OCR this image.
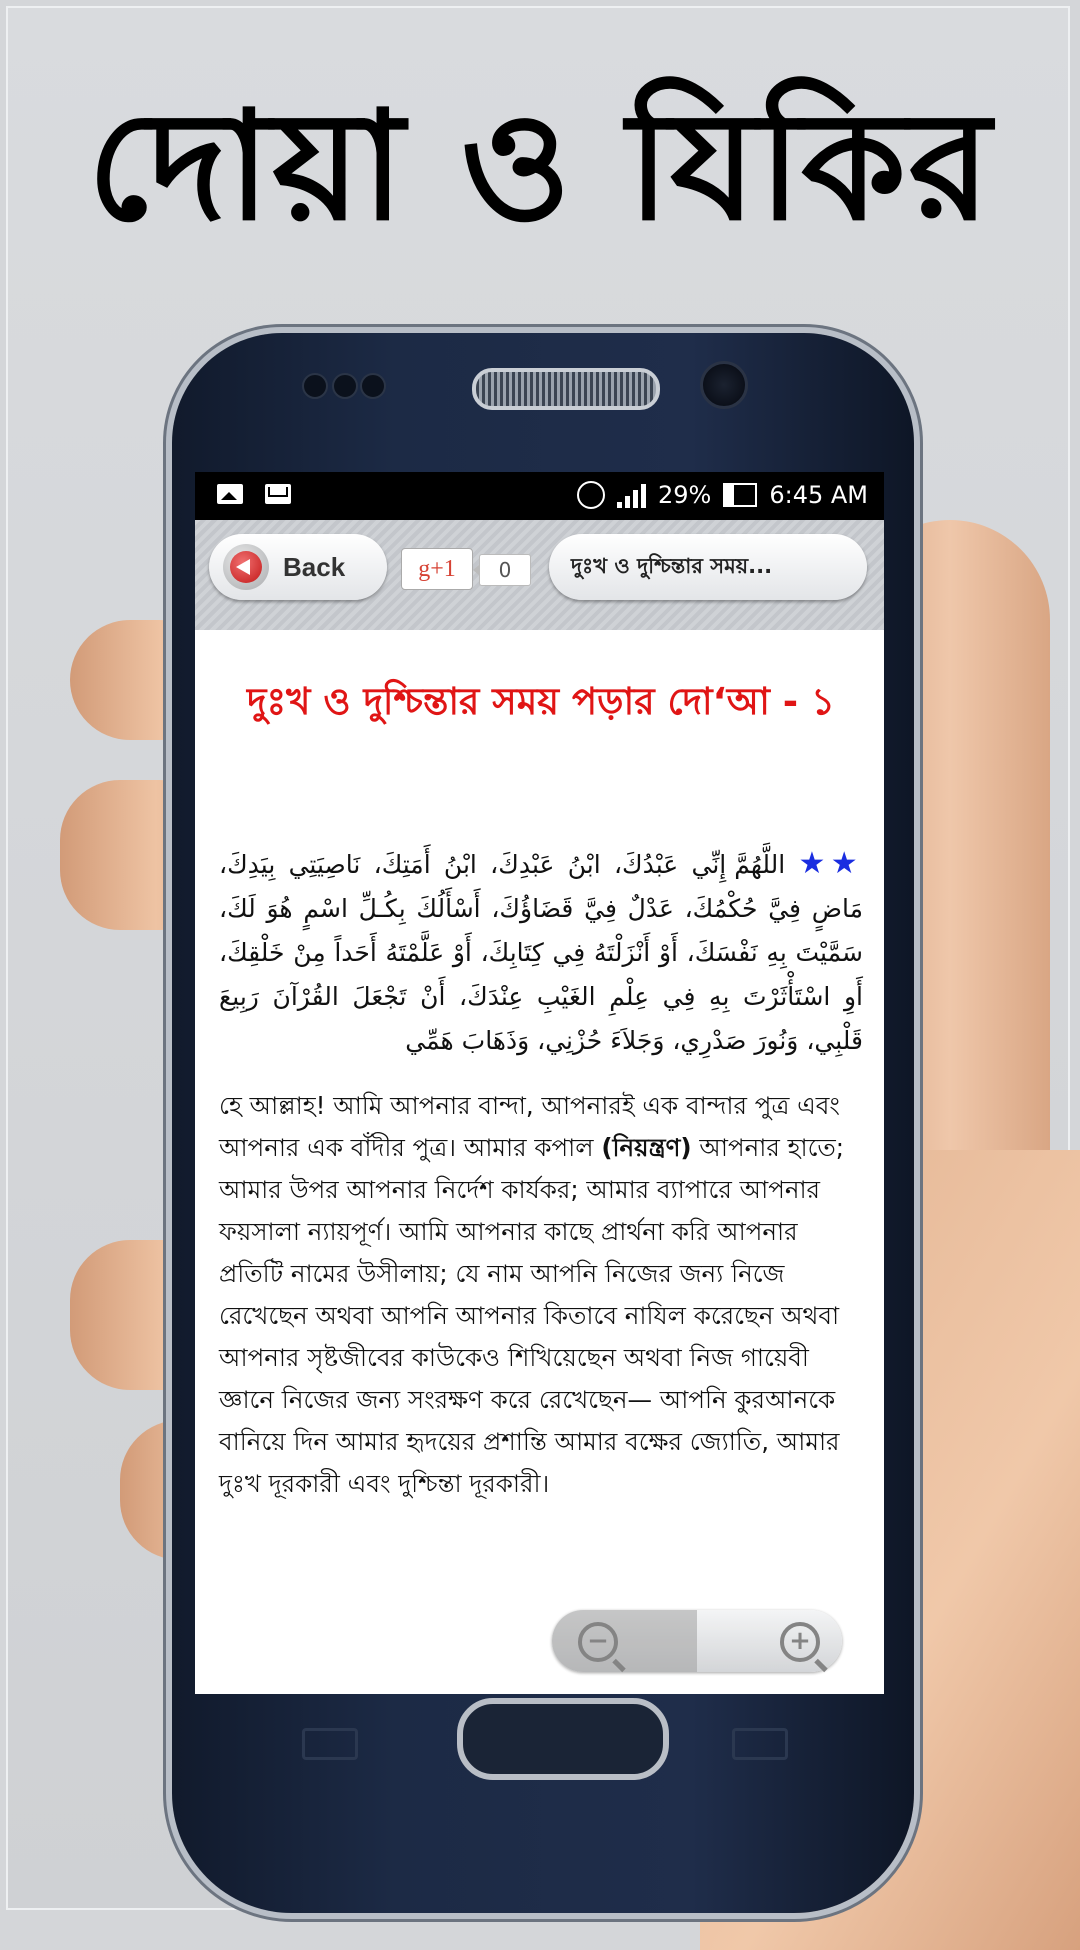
দোয়া ও যিকির
29% 6:45 AM
Back	g+1	0	দুঃখ ও দুশ্চিন্তার সময়...
দুঃখ ও দুশ্চিন্তার সময় পড়ার দো‘আ - ১
★★ اللَّهُمَّ إِنِّي عَبْدُكَ، ابْنُ عَبْدِكَ، ابْنُ أَمَتِكَ، نَاصِيَتِي بِيَدِكَ، مَاضٍ فِيَّ حُكْمُكَ، عَدْلٌ فِيَّ قَضَاؤُكَ، أَسْأَلُكَ بِكُـلِّ اسْمٍ هُوَ لَكَ، سَمَّيْتَ بِهِ نَفْسَكَ، أَوْ أَنْزَلْتَهُ فِي كِتَابِكَ، أَوْ عَلَّمْتَهُ أَحَداً مِنْ خَلْقِكَ، أَوِ اسْتَأْثَرْتَ بِهِ فِي عِلْمِ الغَيْبِ عِنْدَكَ، أَنْ تَجْعَلَ القُرْآنَ رَبِيعَ قَلْبِي، وَنُورَ صَدْرِي، وَجَلاَءَ حُزْنِي، وَذَهَابَ هَمِّي
হে আল্লাহ! আমি আপনার বান্দা, আপনারই এক বান্দার পুত্র এবং আপনার এক বাঁদীর পুত্র। আমার কপাল (নিয়ন্ত্রণ) আপনার হাতে; আমার উপর আপনার নির্দেশ কার্যকর; আমার ব্যাপারে আপনার ফয়সালা ন্যায়পূর্ণ। আমি আপনার কাছে প্রার্থনা করি আপনার প্রতিটি নামের উসীলায়; যে নাম আপনি নিজের জন্য নিজে রেখেছেন অথবা আপনি আপনার কিতাবে নাযিল করেছেন অথবা আপনার সৃষ্টজীবের কাউকেও শিখিয়েছেন অথবা নিজ গায়েবী জ্ঞানে নিজের জন্য সংরক্ষণ করে রেখেছেন— আপনি কুরআনকে বানিয়ে দিন আমার হৃদয়ের প্রশান্তি আমার বক্ষের জ্যোতি, আমার দুঃখ দূরকারী এবং দুশ্চিন্তা দূরকারী।
−	+
